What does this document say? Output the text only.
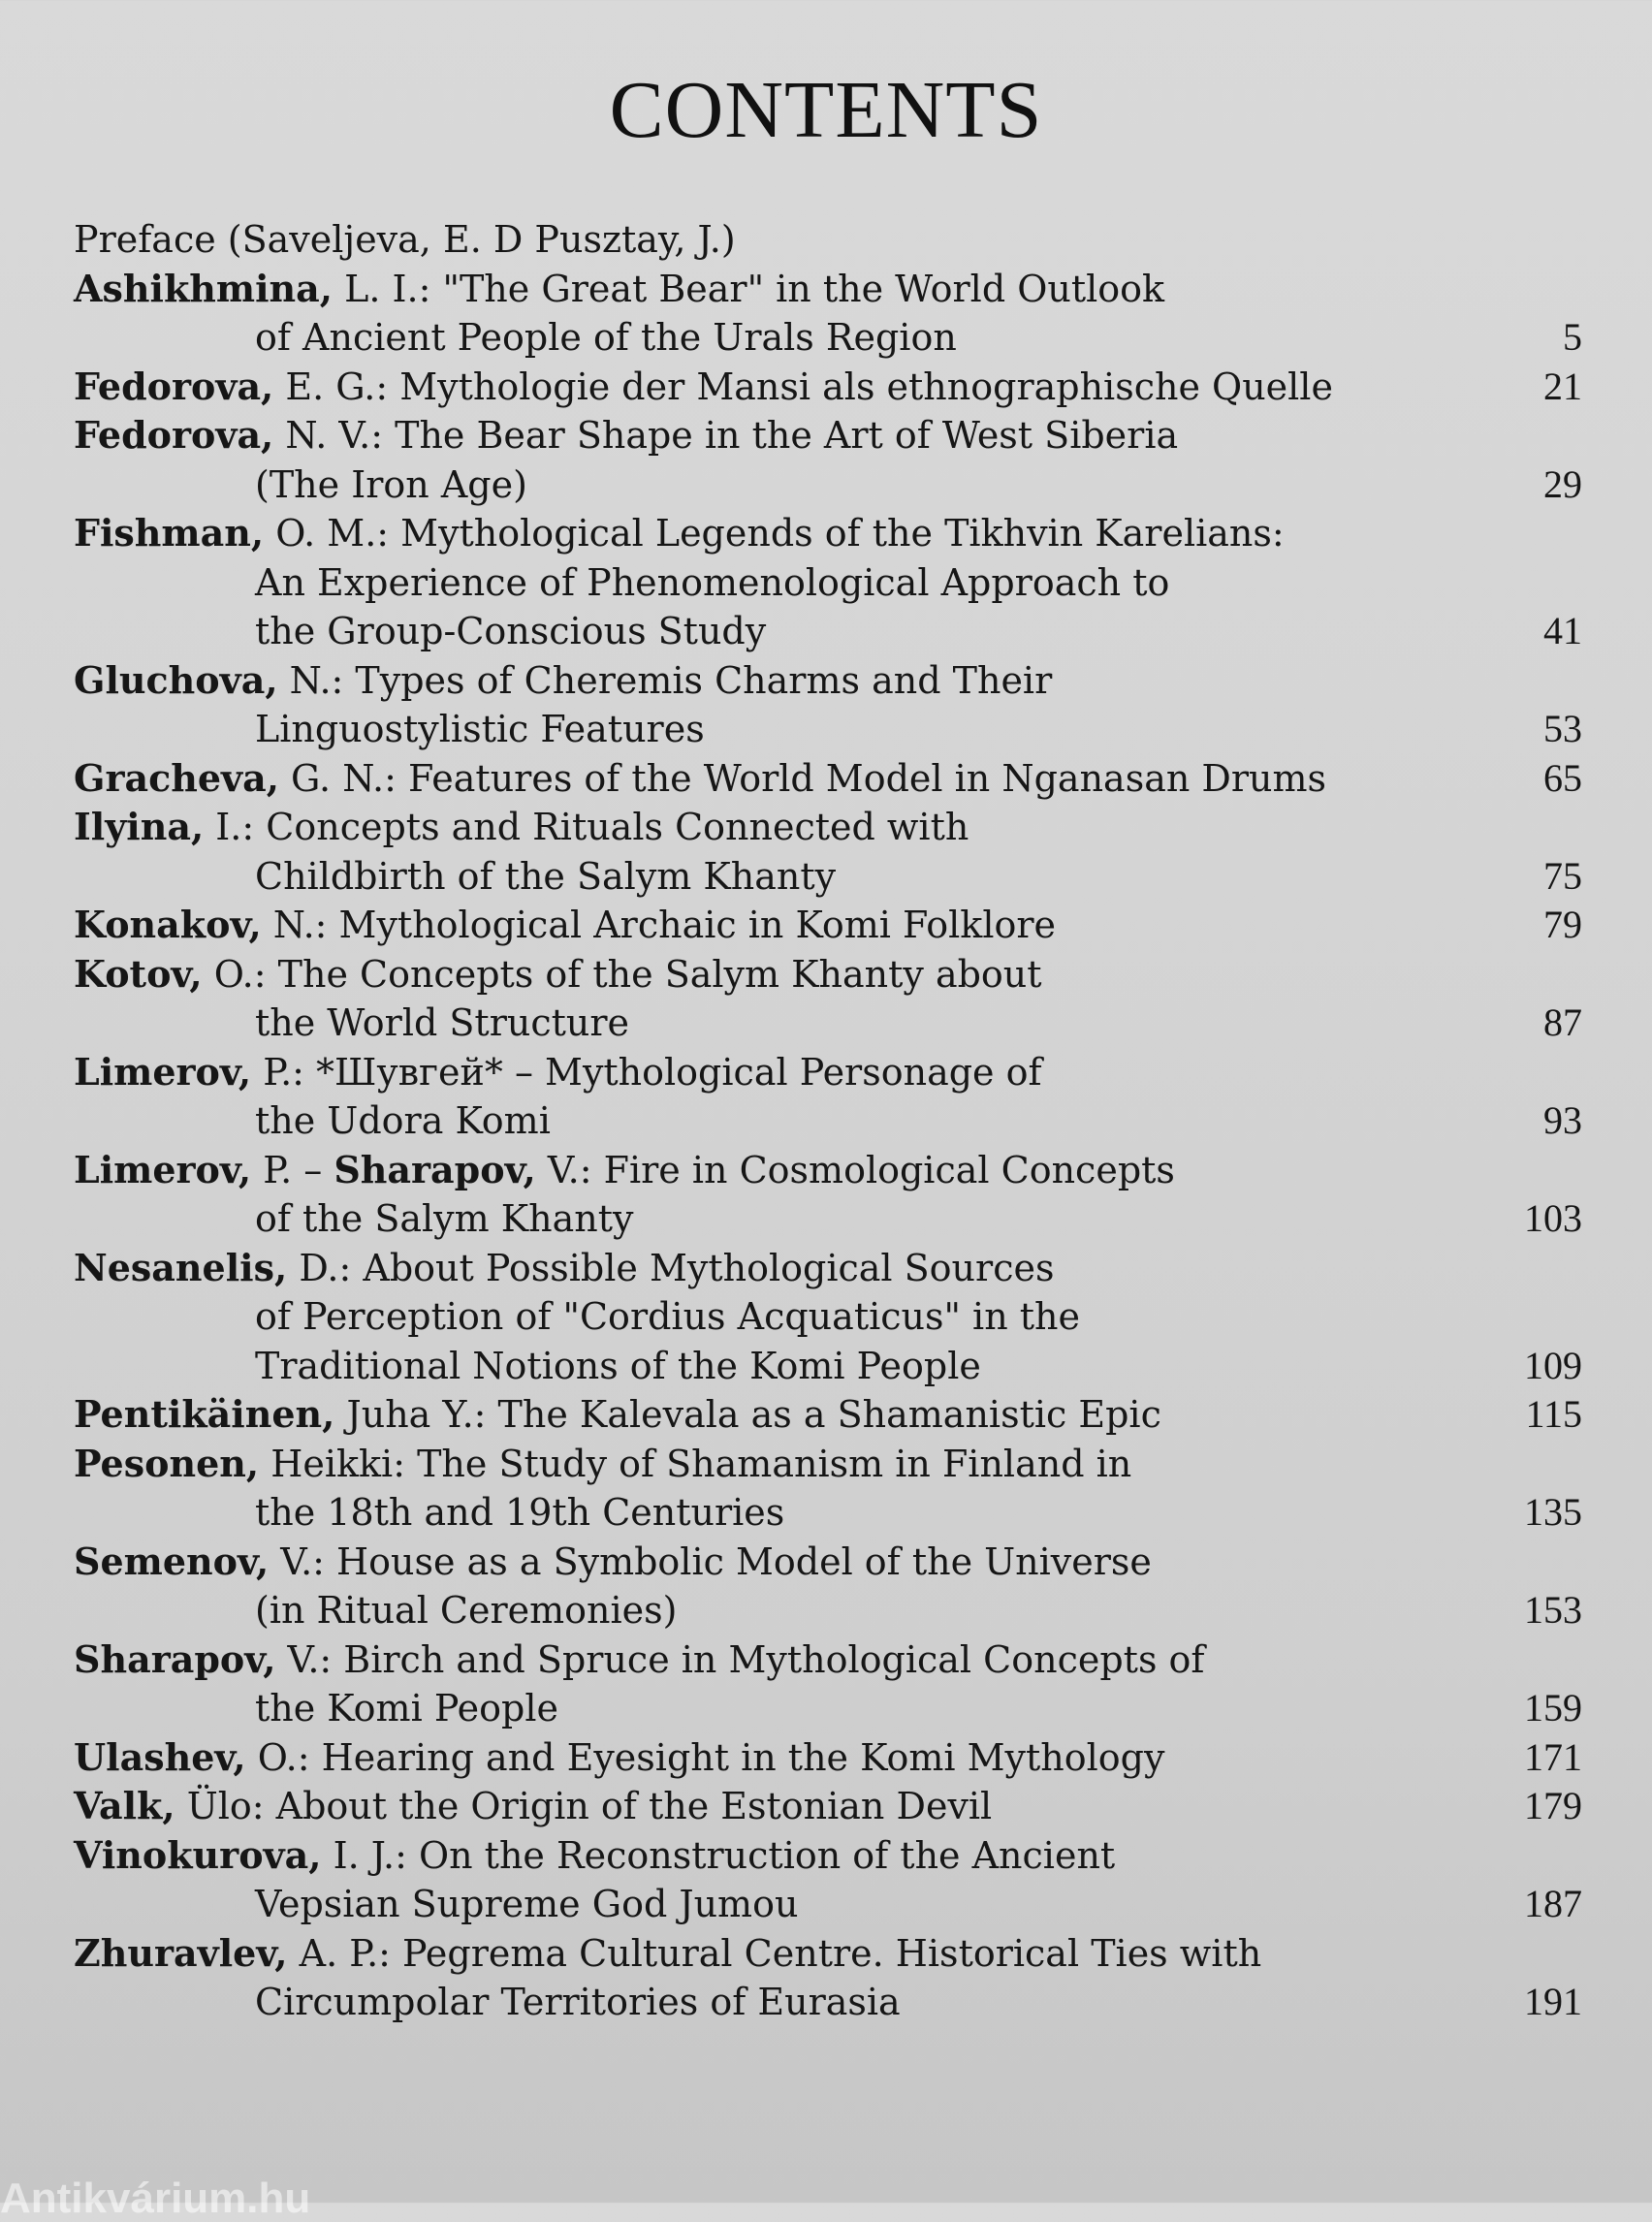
CONTENTS
Preface (Saveljeva, E. D Pusztay, J.)
Ashikhmina, L. I.: "The Great Bear" in the World Outlook
of Ancient People of the Urals Region	5
Fedorova, E. G.: Mythologie der Mansi als ethnographische Quelle	21
Fedorova, N. V.: The Bear Shape in the Art of West Siberia
(The Iron Age)	29
Fishman, O. M.: Mythological Legends of the Tikhvin Karelians:
An Experience of Phenomenological Approach to
the Group-Conscious Study	41
Gluchova, N.: Types of Cheremis Charms and Their
Linguostylistic Features	53
Gracheva, G. N.: Features of the World Model in Nganasan Drums	65
Ilyina, I.: Concepts and Rituals Connected with
Childbirth of the Salym Khanty	75
Konakov, N.: Mythological Archaic in Komi Folklore	79
Kotov, O.: The Concepts of the Salym Khanty about
the World Structure	87
Limerov, P.: *Шувгей* – Mythological Personage of
the Udora Komi	93
Limerov, P. – Sharapov, V.: Fire in Cosmological Concepts
of the Salym Khanty	103
Nesanelis, D.: About Possible Mythological Sources
of Perception of "Cordius Acquaticus" in the
Traditional Notions of the Komi People	109
Pentikäinen, Juha Y.: The Kalevala as a Shamanistic Epic	115
Pesonen, Heikki: The Study of Shamanism in Finland in
the 18th and 19th Centuries	135
Semenov, V.: House as a Symbolic Model of the Universe
(in Ritual Ceremonies)	153
Sharapov, V.: Birch and Spruce in Mythological Concepts of
the Komi People	159
Ulashev, O.: Hearing and Eyesight in the Komi Mythology	171
Valk, Ülo: About the Origin of the Estonian Devil	179
Vinokurova, I. J.: On the Reconstruction of the Ancient
Vepsian Supreme God Jumou	187
Zhuravlev, A. P.: Pegrema Cultural Centre. Historical Ties with
Circumpolar Territories of Eurasia	191
Antikvárium.hu
